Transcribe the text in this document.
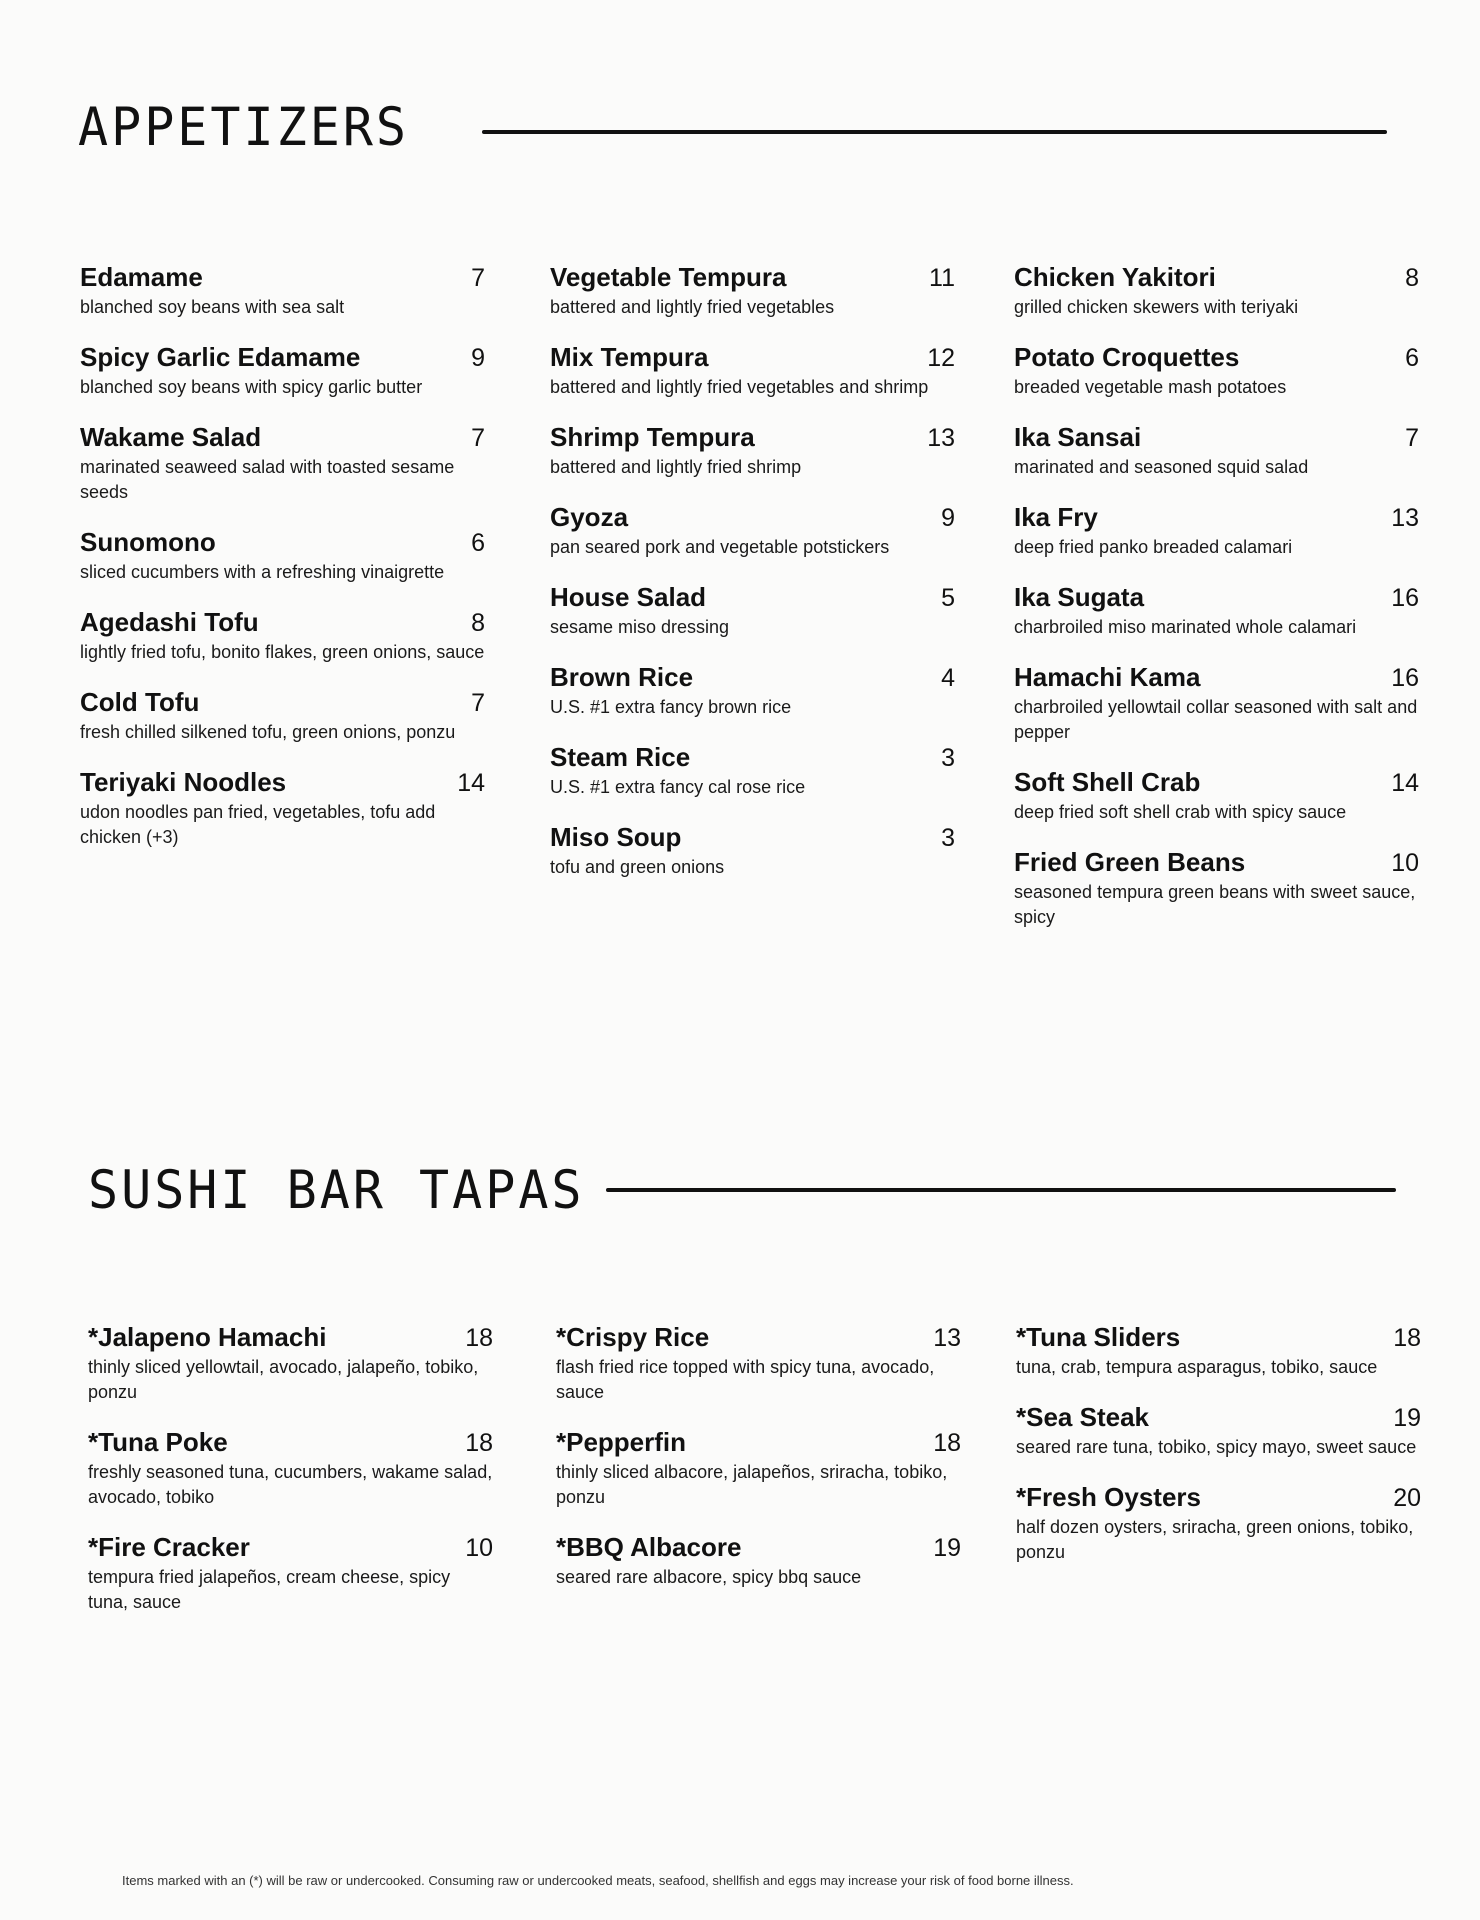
APPETIZERS
Edamame	7
blanched soy beans with sea salt
Spicy Garlic Edamame	9
blanched soy beans with spicy garlic butter
Wakame Salad	7
marinated seaweed salad with toasted sesame seeds
Sunomono	6
sliced cucumbers with a refreshing vinaigrette
Agedashi Tofu	8
lightly fried tofu, bonito flakes, green onions, sauce
Cold Tofu	7
fresh chilled silkened tofu, green onions, ponzu
Teriyaki Noodles	14
udon noodles pan fried, vegetables, tofu add chicken (+3)
Vegetable Tempura	11
battered and lightly fried vegetables
Mix Tempura	12
battered and lightly fried vegetables and shrimp
Shrimp Tempura	13
battered and lightly fried shrimp
Gyoza	9
pan seared pork and vegetable potstickers
House Salad	5
sesame miso dressing
Brown Rice	4
U.S. #1 extra fancy brown rice
Steam Rice	3
U.S. #1 extra fancy cal rose rice
Miso Soup	3
tofu and green onions
Chicken Yakitori	8
grilled chicken skewers with teriyaki
Potato Croquettes	6
breaded vegetable mash potatoes
Ika Sansai	7
marinated and seasoned squid salad
Ika Fry	13
deep fried panko breaded calamari
Ika Sugata	16
charbroiled miso marinated whole calamari
Hamachi Kama	16
charbroiled yellowtail collar seasoned with salt and pepper
Soft Shell Crab	14
deep fried soft shell crab with spicy sauce
Fried Green Beans	10
seasoned tempura green beans with sweet sauce, spicy
SUSHI BAR TAPAS
*Jalapeno Hamachi	18
thinly sliced yellowtail, avocado, jalapeño, tobiko, ponzu
*Tuna Poke	18
freshly seasoned tuna, cucumbers, wakame salad, avocado, tobiko
*Fire Cracker	10
tempura fried jalapeños, cream cheese, spicy tuna, sauce
*Crispy Rice	13
flash fried rice topped with spicy tuna, avocado, sauce
*Pepperfin	18
thinly sliced albacore, jalapeños, sriracha, tobiko, ponzu
*BBQ Albacore	19
seared rare albacore, spicy bbq sauce
*Tuna Sliders	18
tuna, crab, tempura asparagus, tobiko, sauce
*Sea Steak	19
seared rare tuna, tobiko, spicy mayo, sweet sauce
*Fresh Oysters	20
half dozen oysters, sriracha, green onions, tobiko, ponzu
Items marked with an (*) will be raw or undercooked. Consuming raw or undercooked meats, seafood, shellfish and eggs may increase your risk of food borne illness.
